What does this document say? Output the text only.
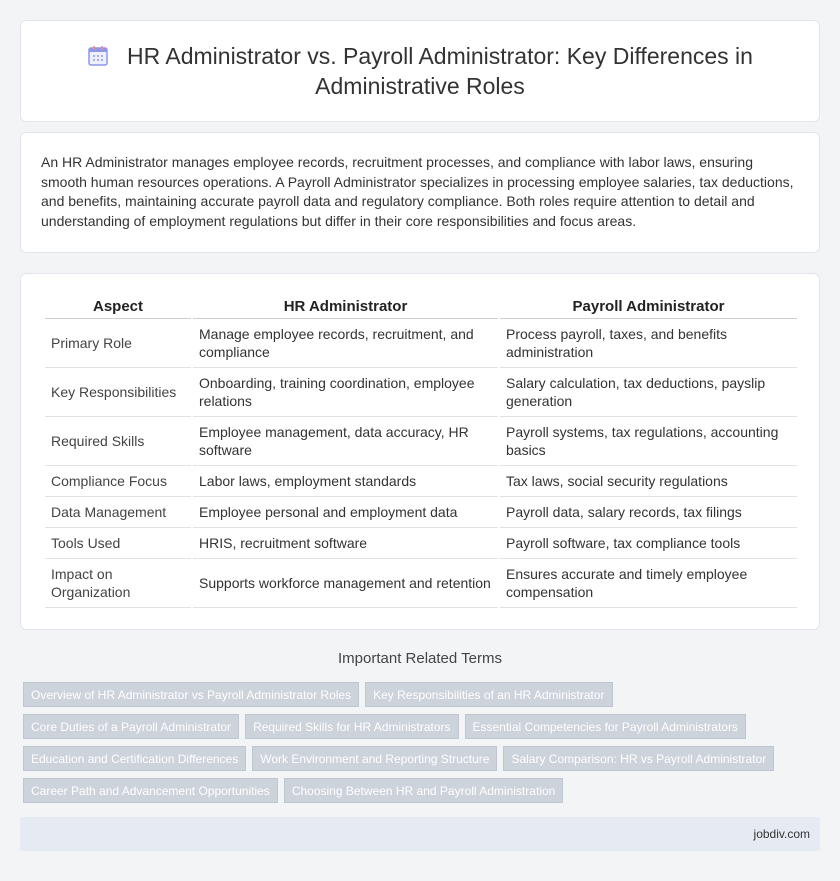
HR Administrator vs. Payroll Administrator: Key Differences in Administrative Roles

An HR Administrator manages employee records, recruitment processes, and compliance with labor laws, ensuring smooth human resources operations. A Payroll Administrator specializes in processing employee salaries, tax deductions, and benefits, maintaining accurate payroll data and regulatory compliance. Both roles require attention to detail and understanding of employment regulations but differ in their core responsibilities and focus areas.

Aspect	HR Administrator	Payroll Administrator
Primary Role	Manage employee records, recruitment, and compliance	Process payroll, taxes, and benefits administration
Key Responsibilities	Onboarding, training coordination, employee relations	Salary calculation, tax deductions, payslip generation
Required Skills	Employee management, data accuracy, HR software	Payroll systems, tax regulations, accounting basics
Compliance Focus	Labor laws, employment standards	Tax laws, social security regulations
Data Management	Employee personal and employment data	Payroll data, salary records, tax filings
Tools Used	HRIS, recruitment software	Payroll software, tax compliance tools
Impact on Organization	Supports workforce management and retention	Ensures accurate and timely employee compensation
Important Related Terms
Overview of HR Administrator vs Payroll Administrator Roles	Key Responsibilities of an HR Administrator
Core Duties of a Payroll Administrator	Required Skills for HR Administrators	Essential Competencies for Payroll Administrators
Education and Certification Differences	Work Environment and Reporting Structure	Salary Comparison: HR vs Payroll Administrator
Career Path and Advancement Opportunities	Choosing Between HR and Payroll Administration
jobdiv.com
